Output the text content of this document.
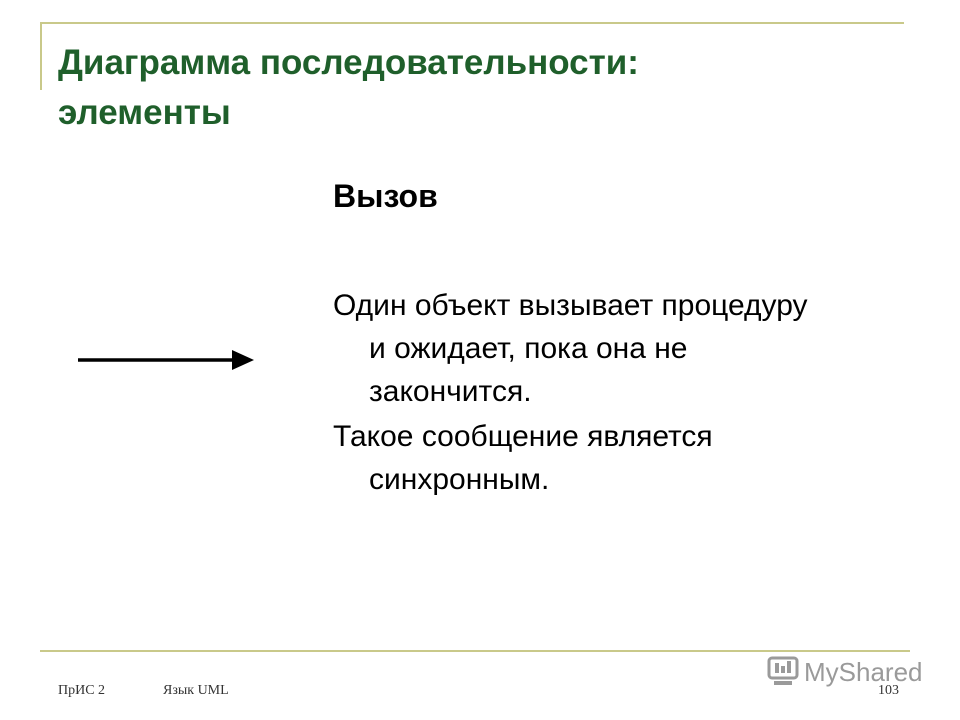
Диаграмма последовательности:
элементы
Вызов

Один объект вызывает процедуру
и ожидает, пока она не
закончится.

Такое сообщение является
синхронным.

ПрИС 2	Язык UML	103

MyShared
